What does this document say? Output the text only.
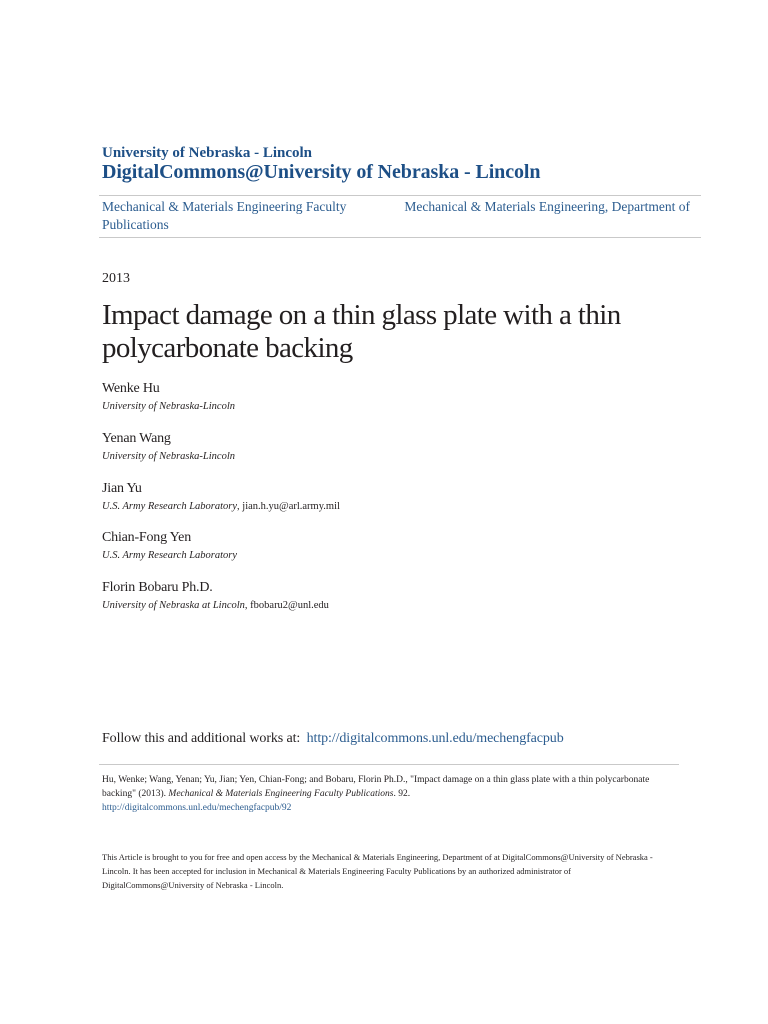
University of Nebraska - Lincoln
DigitalCommons@University of Nebraska - Lincoln
Mechanical & Materials Engineering Faculty Publications
Mechanical & Materials Engineering, Department of
2013
Impact damage on a thin glass plate with a thin polycarbonate backing
Wenke Hu
University of Nebraska-Lincoln
Yenan Wang
University of Nebraska-Lincoln
Jian Yu
U.S. Army Research Laboratory, jian.h.yu@arl.army.mil
Chian-Fong Yen
U.S. Army Research Laboratory
Florin Bobaru Ph.D.
University of Nebraska at Lincoln, fbobaru2@unl.edu
Follow this and additional works at: http://digitalcommons.unl.edu/mechengfacpub
Hu, Wenke; Wang, Yenan; Yu, Jian; Yen, Chian-Fong; and Bobaru, Florin Ph.D., "Impact damage on a thin glass plate with a thin polycarbonate backing" (2013). Mechanical & Materials Engineering Faculty Publications. 92.
http://digitalcommons.unl.edu/mechengfacpub/92
This Article is brought to you for free and open access by the Mechanical & Materials Engineering, Department of at DigitalCommons@University of Nebraska - Lincoln. It has been accepted for inclusion in Mechanical & Materials Engineering Faculty Publications by an authorized administrator of DigitalCommons@University of Nebraska - Lincoln.
